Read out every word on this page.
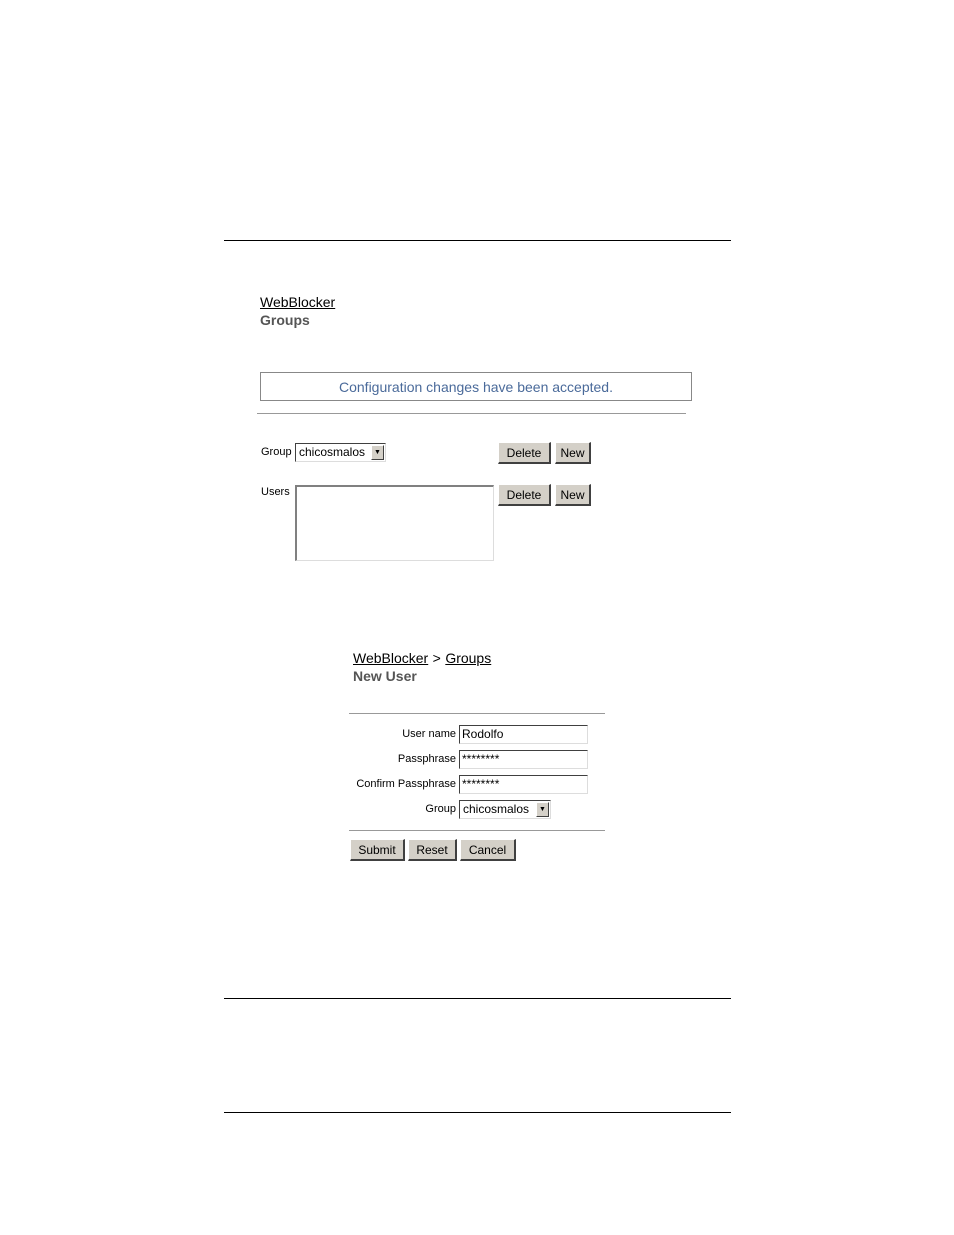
WebBlocker
Groups
Configuration changes have been accepted.
Group chicosmalos	▼	Delete	New
Users	Delete	New
WebBlocker > Groups
New User
User name Rodolfo
Passphrase ********
Confirm Passphrase ********
Group chicosmalos	▼
Submit	Reset	Cancel
